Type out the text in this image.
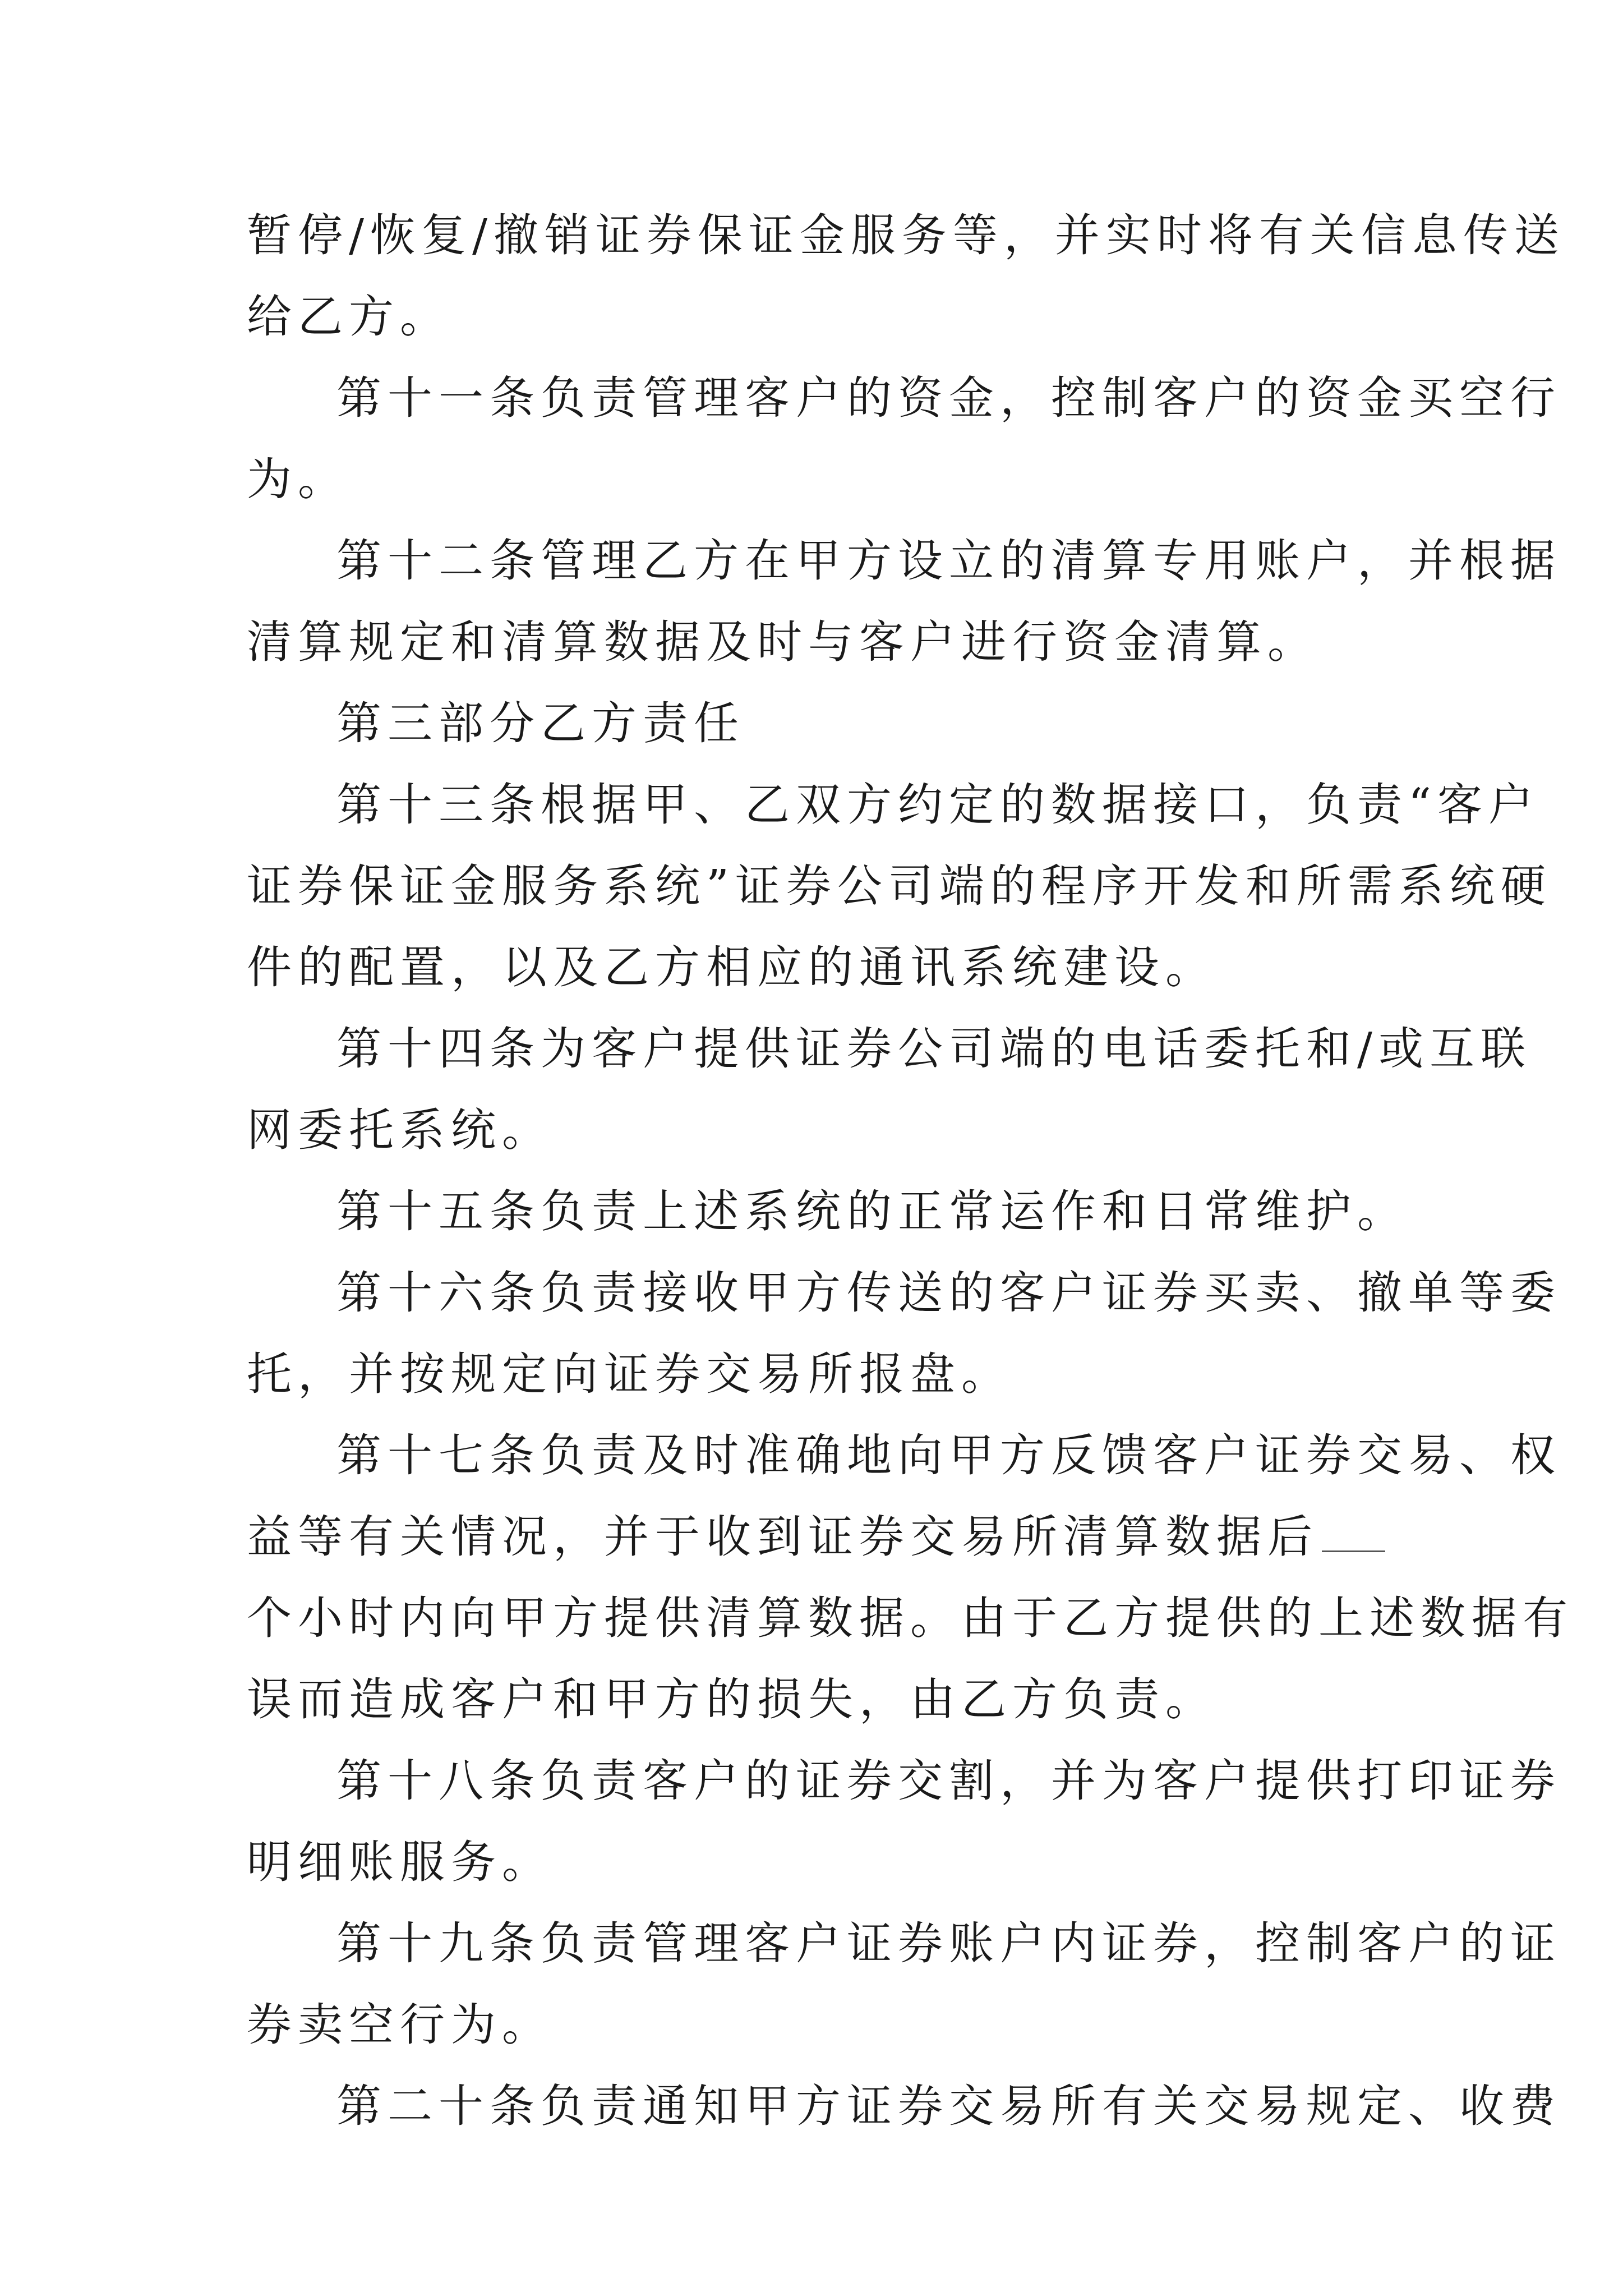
暂停/恢复/撤销证券保证金服务等，并实时将有关信息传送
给乙方。
第十一条负责管理客户的资金，控制客户的资金买空行
为。
第十二条管理乙方在甲方设立的清算专用账户，并根据
清算规定和清算数据及时与客户进行资金清算。
第三部分乙方责任
第十三条根据甲、乙双方约定的数据接口，负责“客户
证券保证金服务系统”证券公司端的程序开发和所需系统硬
件的配置，以及乙方相应的通讯系统建设。
第十四条为客户提供证券公司端的电话委托和/或互联
网委托系统。
第十五条负责上述系统的正常运作和日常维护。
第十六条负责接收甲方传送的客户证券买卖、撤单等委
托，并按规定向证券交易所报盘。
第十七条负责及时准确地向甲方反馈客户证券交易、权
益等有关情况，并于收到证券交易所清算数据后
个小时内向甲方提供清算数据。由于乙方提供的上述数据有
误而造成客户和甲方的损失，由乙方负责。
第十八条负责客户的证券交割，并为客户提供打印证券
明细账服务。
第十九条负责管理客户证券账户内证券，控制客户的证
券卖空行为。
第二十条负责通知甲方证券交易所有关交易规定、收费
